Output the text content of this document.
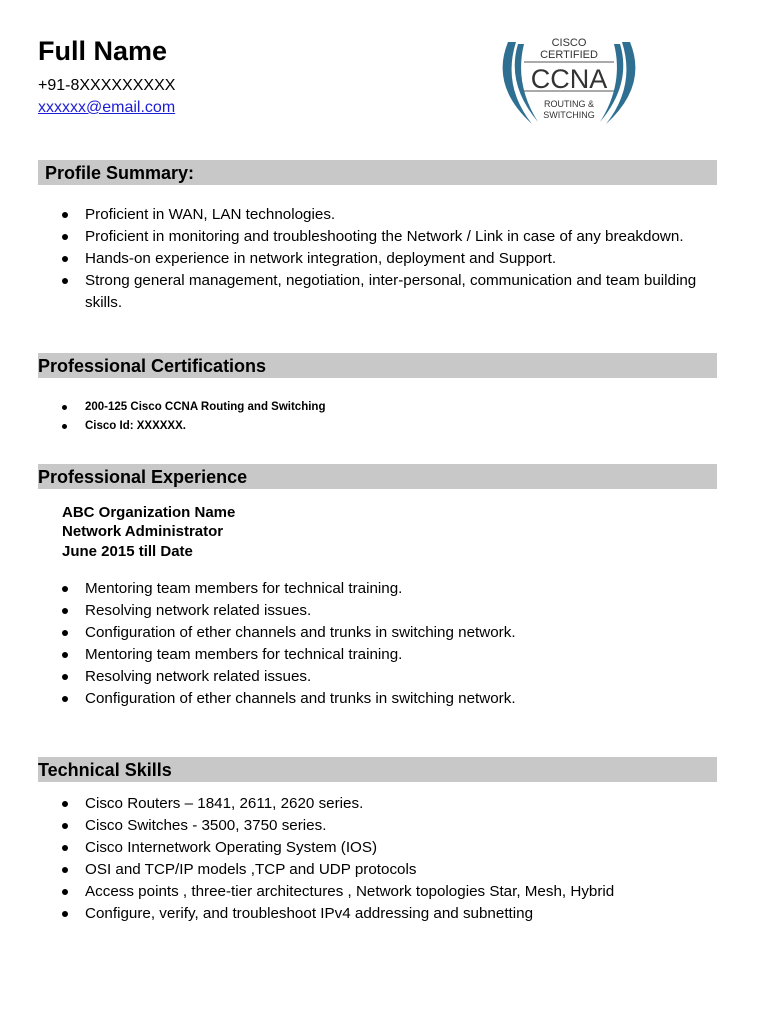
Full Name
+91-8XXXXXXXXX
xxxxxx@email.com
CISCO
CERTIFIED
CCNA
ROUTING &
SWITCHING
Profile Summary:
Proficient in WAN, LAN technologies.
Proficient in monitoring and troubleshooting the Network / Link in case of any breakdown.
Hands-on experience in network integration, deployment and Support.
Strong general management, negotiation, inter-personal, communication and team building skills.
Professional Certifications
200-125 Cisco CCNA Routing and Switching
Cisco Id: XXXXXX.
Professional Experience
ABC Organization Name
Network Administrator
June 2015 till Date
Mentoring team members for technical training.
Resolving network related issues.
Configuration of ether channels and trunks in switching network.
Mentoring team members for technical training.
Resolving network related issues.
Configuration of ether channels and trunks in switching network.
Technical Skills
Cisco Routers – 1841, 2611, 2620 series.
Cisco Switches - 3500, 3750 series.
Cisco Internetwork Operating System (IOS)
OSI and TCP/IP models ,TCP and UDP protocols
Access points , three-tier architectures , Network topologies Star, Mesh, Hybrid
Configure, verify, and troubleshoot IPv4 addressing and subnetting
